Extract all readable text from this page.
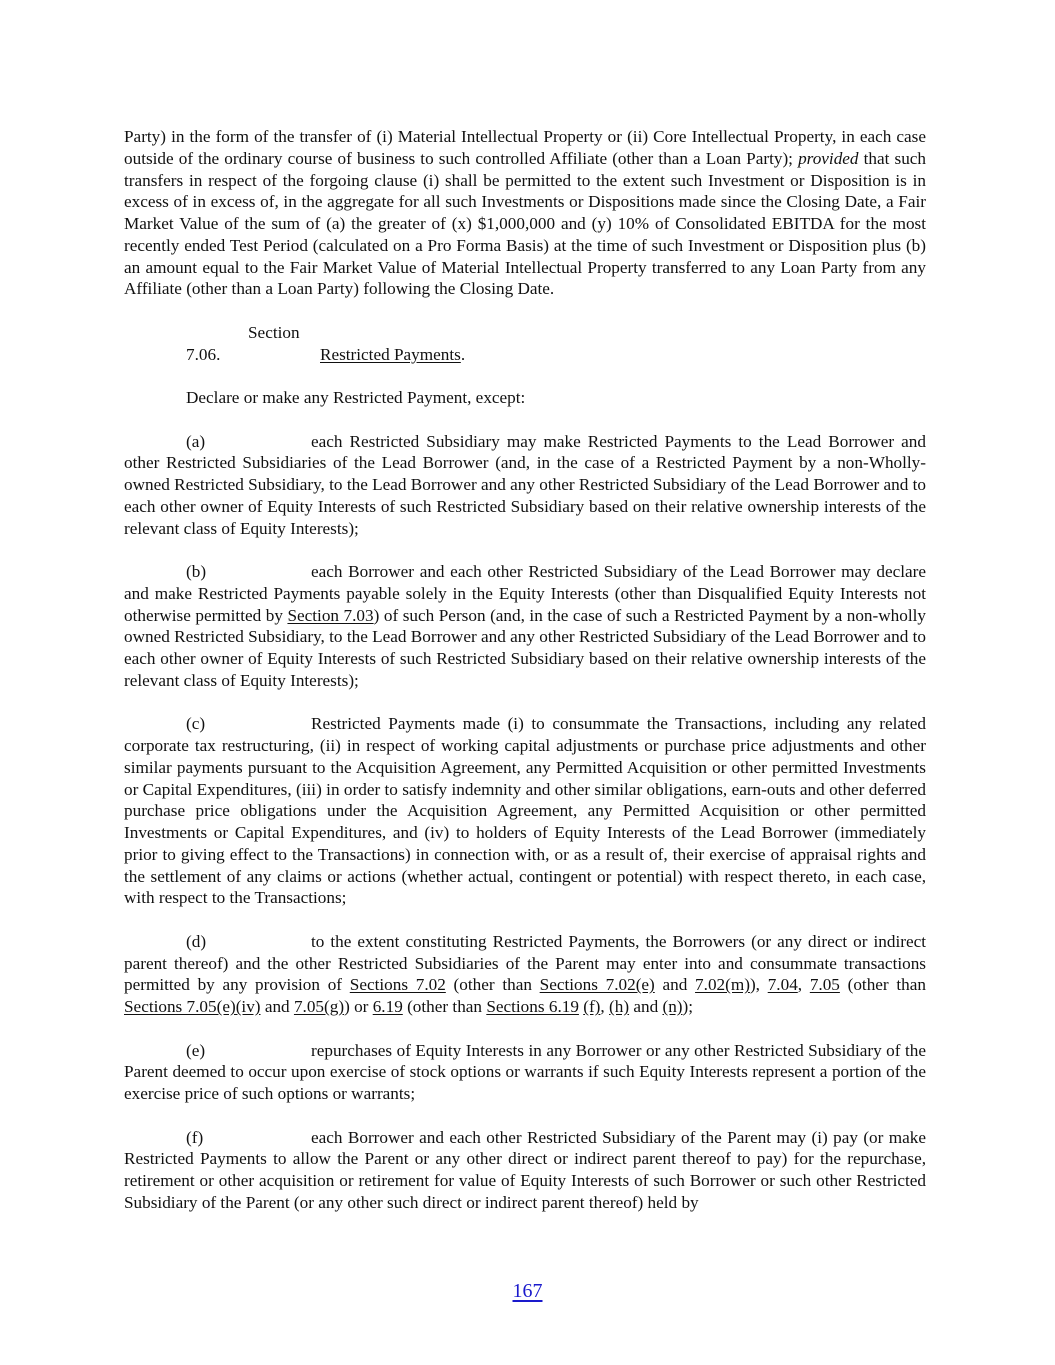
Party) in the form of the transfer of (i) Material Intellectual Property or (ii) Core Intellectual Property, in each case outside of the ordinary course of business to such controlled Affiliate (other than a Loan Party); provided that such transfers in respect of the forgoing clause (i) shall be permitted to the extent such Investment or Disposition is in excess of in excess of, in the aggregate for all such Investments or Dispositions made since the Closing Date, a Fair Market Value of the sum of (a) the greater of (x) $1,000,000 and (y) 10% of Consolidated EBITDA for the most recently ended Test Period (calculated on a Pro Forma Basis) at the time of such Investment or Disposition plus (b) an amount equal to the Fair Market Value of Material Intellectual Property transferred to any Loan Party from any Affiliate (other than a Loan Party) following the Closing Date.

Section 7.06.	Restricted Payments.

Declare or make any Restricted Payment, except:

(a)	each Restricted Subsidiary may make Restricted Payments to the Lead Borrower and other Restricted Subsidiaries of the Lead Borrower (and, in the case of a Restricted Payment by a non-Wholly-owned Restricted Subsidiary, to the Lead Borrower and any other Restricted Subsidiary of the Lead Borrower and to each other owner of Equity Interests of such Restricted Subsidiary based on their relative ownership interests of the relevant class of Equity Interests);

(b)	each Borrower and each other Restricted Subsidiary of the Lead Borrower may declare and make Restricted Payments payable solely in the Equity Interests (other than Disqualified Equity Interests not otherwise permitted by Section 7.03) of such Person (and, in the case of such a Restricted Payment by a non-wholly owned Restricted Subsidiary, to the Lead Borrower and any other Restricted Subsidiary of the Lead Borrower and to each other owner of Equity Interests of such Restricted Subsidiary based on their relative ownership interests of the relevant class of Equity Interests);

(c)	Restricted Payments made (i) to consummate the Transactions, including any related corporate tax restructuring, (ii) in respect of working capital adjustments or purchase price adjustments and other similar payments pursuant to the Acquisition Agreement, any Permitted Acquisition or other permitted Investments or Capital Expenditures, (iii) in order to satisfy indemnity and other similar obligations, earn-outs and other deferred purchase price obligations under the Acquisition Agreement, any Permitted Acquisition or other permitted Investments or Capital Expenditures, and (iv) to holders of Equity Interests of the Lead Borrower (immediately prior to giving effect to the Transactions) in connection with, or as a result of, their exercise of appraisal rights and the settlement of any claims or actions (whether actual, contingent or potential) with respect thereto, in each case, with respect to the Transactions;

(d)	to the extent constituting Restricted Payments, the Borrowers (or any direct or indirect parent thereof) and the other Restricted Subsidiaries of the Parent may enter into and consummate transactions permitted by any provision of Sections 7.02 (other than Sections 7.02(e) and 7.02(m)), 7.04, 7.05 (other than Sections 7.05(e)(iv) and 7.05(g)) or 6.19 (other than Sections 6.19 (f), (h) and (n));

(e)	repurchases of Equity Interests in any Borrower or any other Restricted Subsidiary of the Parent deemed to occur upon exercise of stock options or warrants if such Equity Interests represent a portion of the exercise price of such options or warrants;

(f)	each Borrower and each other Restricted Subsidiary of the Parent may (i) pay (or make Restricted Payments to allow the Parent or any other direct or indirect parent thereof to pay) for the repurchase, retirement or other acquisition or retirement for value of Equity Interests of such Borrower or such other Restricted Subsidiary of the Parent (or any other such direct or indirect parent thereof) held by

167
